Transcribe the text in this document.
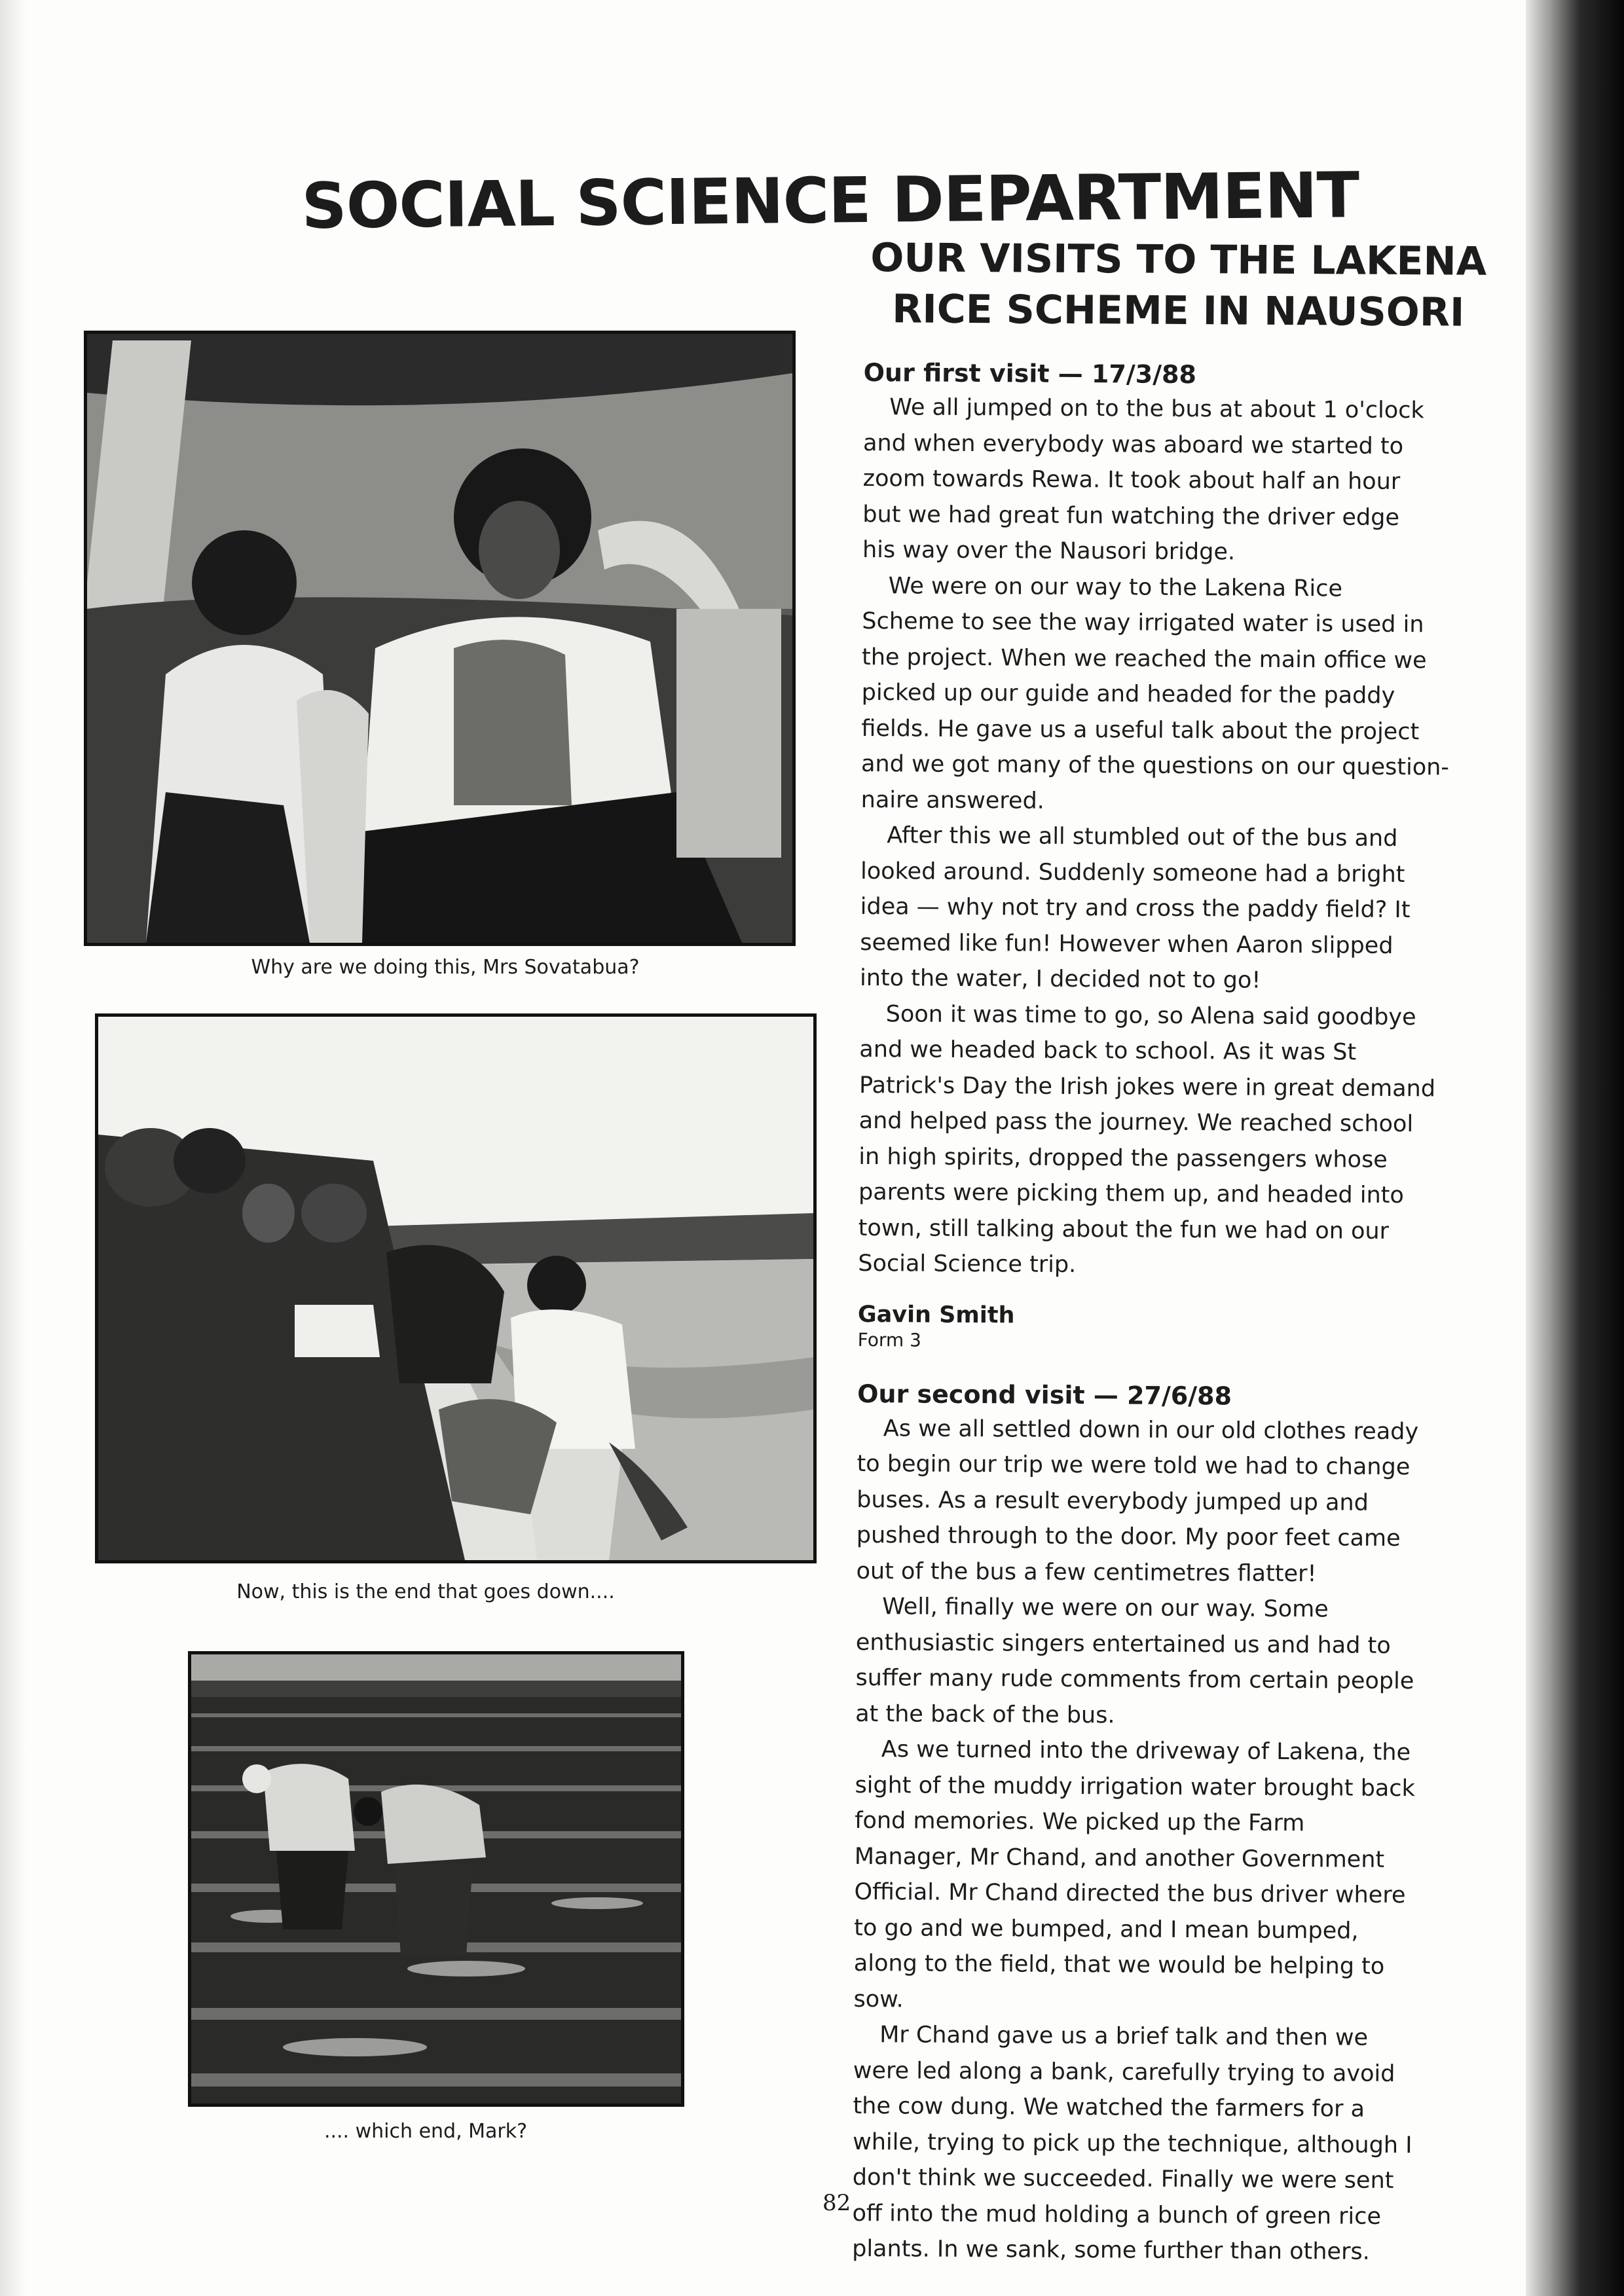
SOCIAL SCIENCE DEPARTMENT
Why are we doing this, Mrs Sovatabua?
Now, this is the end that goes down....
.... which end, Mark?
OUR VISITS TO THE LAKENA
RICE SCHEME IN NAUSORI
Our first visit — 17/3/88
We all jumped on to the bus at about 1 o'clock
and when everybody was aboard we started to
zoom towards Rewa. It took about half an hour
but we had great fun watching the driver edge
his way over the Nausori bridge.
We were on our way to the Lakena Rice
Scheme to see the way irrigated water is used in
the project. When we reached the main office we
picked up our guide and headed for the paddy
fields. He gave us a useful talk about the project
and we got many of the questions on our question-
naire answered.
After this we all stumbled out of the bus and
looked around. Suddenly someone had a bright
idea — why not try and cross the paddy field? It
seemed like fun! However when Aaron slipped
into the water, I decided not to go!
Soon it was time to go, so Alena said goodbye
and we headed back to school. As it was St
Patrick's Day the Irish jokes were in great demand
and helped pass the journey. We reached school
in high spirits, dropped the passengers whose
parents were picking them up, and headed into
town, still talking about the fun we had on our
Social Science trip.
Gavin Smith
Form 3
Our second visit — 27/6/88
As we all settled down in our old clothes ready
to begin our trip we were told we had to change
buses. As a result everybody jumped up and
pushed through to the door. My poor feet came
out of the bus a few centimetres flatter!
Well, finally we were on our way. Some
enthusiastic singers entertained us and had to
suffer many rude comments from certain people
at the back of the bus.
As we turned into the driveway of Lakena, the
sight of the muddy irrigation water brought back
fond memories. We picked up the Farm
Manager, Mr Chand, and another Government
Official. Mr Chand directed the bus driver where
to go and we bumped, and I mean bumped,
along to the field, that we would be helping to
sow.
Mr Chand gave us a brief talk and then we
were led along a bank, carefully trying to avoid
the cow dung. We watched the farmers for a
while, trying to pick up the technique, although I
don't think we succeeded. Finally we were sent
off into the mud holding a bunch of green rice
plants. In we sank, some further than others.
82
